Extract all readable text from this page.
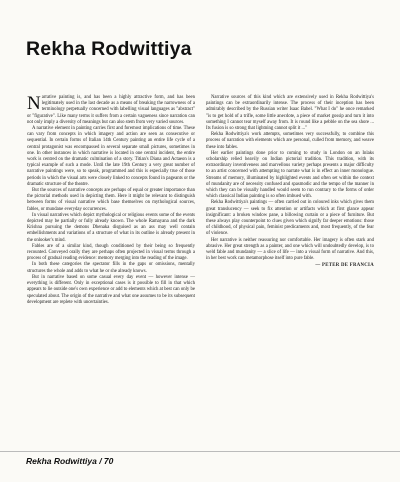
Rekha Rodwittiya

Narrative painting is, and has been a highly attractive form, and has been legitimately used in the last decade as a means of breaking the narrowness of a terminology perpetually concerned with labelling visual languages as "abstract" or "figurative". Like many terms it suffers from a certain vagueness since narration can not only imply a diversity of meanings but can also stem from very varied sources.

A narrative element in painting carries first and foremost implications of time. These can vary from concepts in which imagery and action are seen as consecutive or sequential. In certain forms of Italian 14th Century painting an entire life cycle of a central protagonist was encompassed in several separate small pictures, sometimes in one. In other instances in which narrative is located in one central incident, the entire work is centred on the dramatic culmination of a story. Titian's Diana and Actaeon is a typical example of such a mode. Until the late 19th Century a very great number of narrative paintings were, so to speak, programmed and this is especially true of those periods in which the visual arts were closely linked to concepts found in pageants or the dramatic structure of the theatre.

But the sources of narrative concepts are perhaps of equal or greater importance than the pictorial methods used in depicting them. Here it might be relevant to distinguish between forms of visual narrative which base themselves on mythological sources, fables, or mundane everyday occurrences.

In visual narratives which depict mythological or religious events some of the events depicted may be partially or fully already known. The whole Ramayana and the dark Krishna pursuing the demons Dhenaka disguised as an ass may well contain embellishments and variations of a structure of what in its outline is already present in the onlooker's mind.

Fables are of a similar kind, though conditioned by their being so frequently recounted. Conveyed orally they are perhaps often projected in visual terms through a process of gradual reading evidence: memory merging into the reading of the image.

In both these categories the spectator fills in the gaps or omissions, mentally structures the whole and adds to what he or she already knows.

But in narrative based on some casual every day event — however intense — everything is different. Only in exceptional cases is it possible to fill in that which appears to lie outside one's own experience or add to elements which at best can only be speculated about. The origin of the narrative and what one assumes to be its subsequent development are replete with uncertainties.

Narrative sources of this kind which are extensively used in Rekha Rodwittiya's paintings can be extraordinarily intense. The process of their inception has been admirably described by the Russian writer Isaac Babel. "What I do" he once remarked "is to get hold of a trifle, some little anecdote, a piece of market gossip and turn it into something I cannot tear myself away from. It is round like a pebble on the sea shore ... Its fusion is so strong that lightning cannot split it ..."

Rekha Rodwittiya's work attempts, sometimes very successfully, to combine this process of narration with elements which are personal, culled from memory, and weave these into fables.

Her earlier paintings done prior to coming to study in London on an Inlaks scholarship relied heavily on Indian pictorial tradition. This tradition, with its extraordinary inventiveness and marvellous variety perhaps presents a major difficulty to an artist concerned with attempting to narrate what is in effect an inner monologue. Streams of memory, illuminated by highlighted events and often set within the context of mundanity are of necessity confused and spasmodic and the tempo of the manner in which they can be visually handled would seem to run contrary to the forms of order which classical Indian painting is so often imbued with.

Rekha Rodwittiya's paintings — often carried out in coloured inks which gives them great translucency — seek to fix attention or artifacts which at first glance appear insignificant: a broken window pane, a billowing curtain or a piece of furniture. But these always play counterpoint to clues given which signify far deeper emotions: those of childhood, of physical pain, feminist predicaments and, most frequently, of the fear of violence.

Her narrative is neither reassuring nor comfortable. Her imagery is often stark and abrasive. Her great strength as a painter, and one which will undoubtedly develop, is to weld fable and mundanity — a slice of life — into a visual form of narrative. And this, in her best work can metamorphose itself into pure fable.

— PETER DE FRANCIA
Rekha Rodwittiya / 70
